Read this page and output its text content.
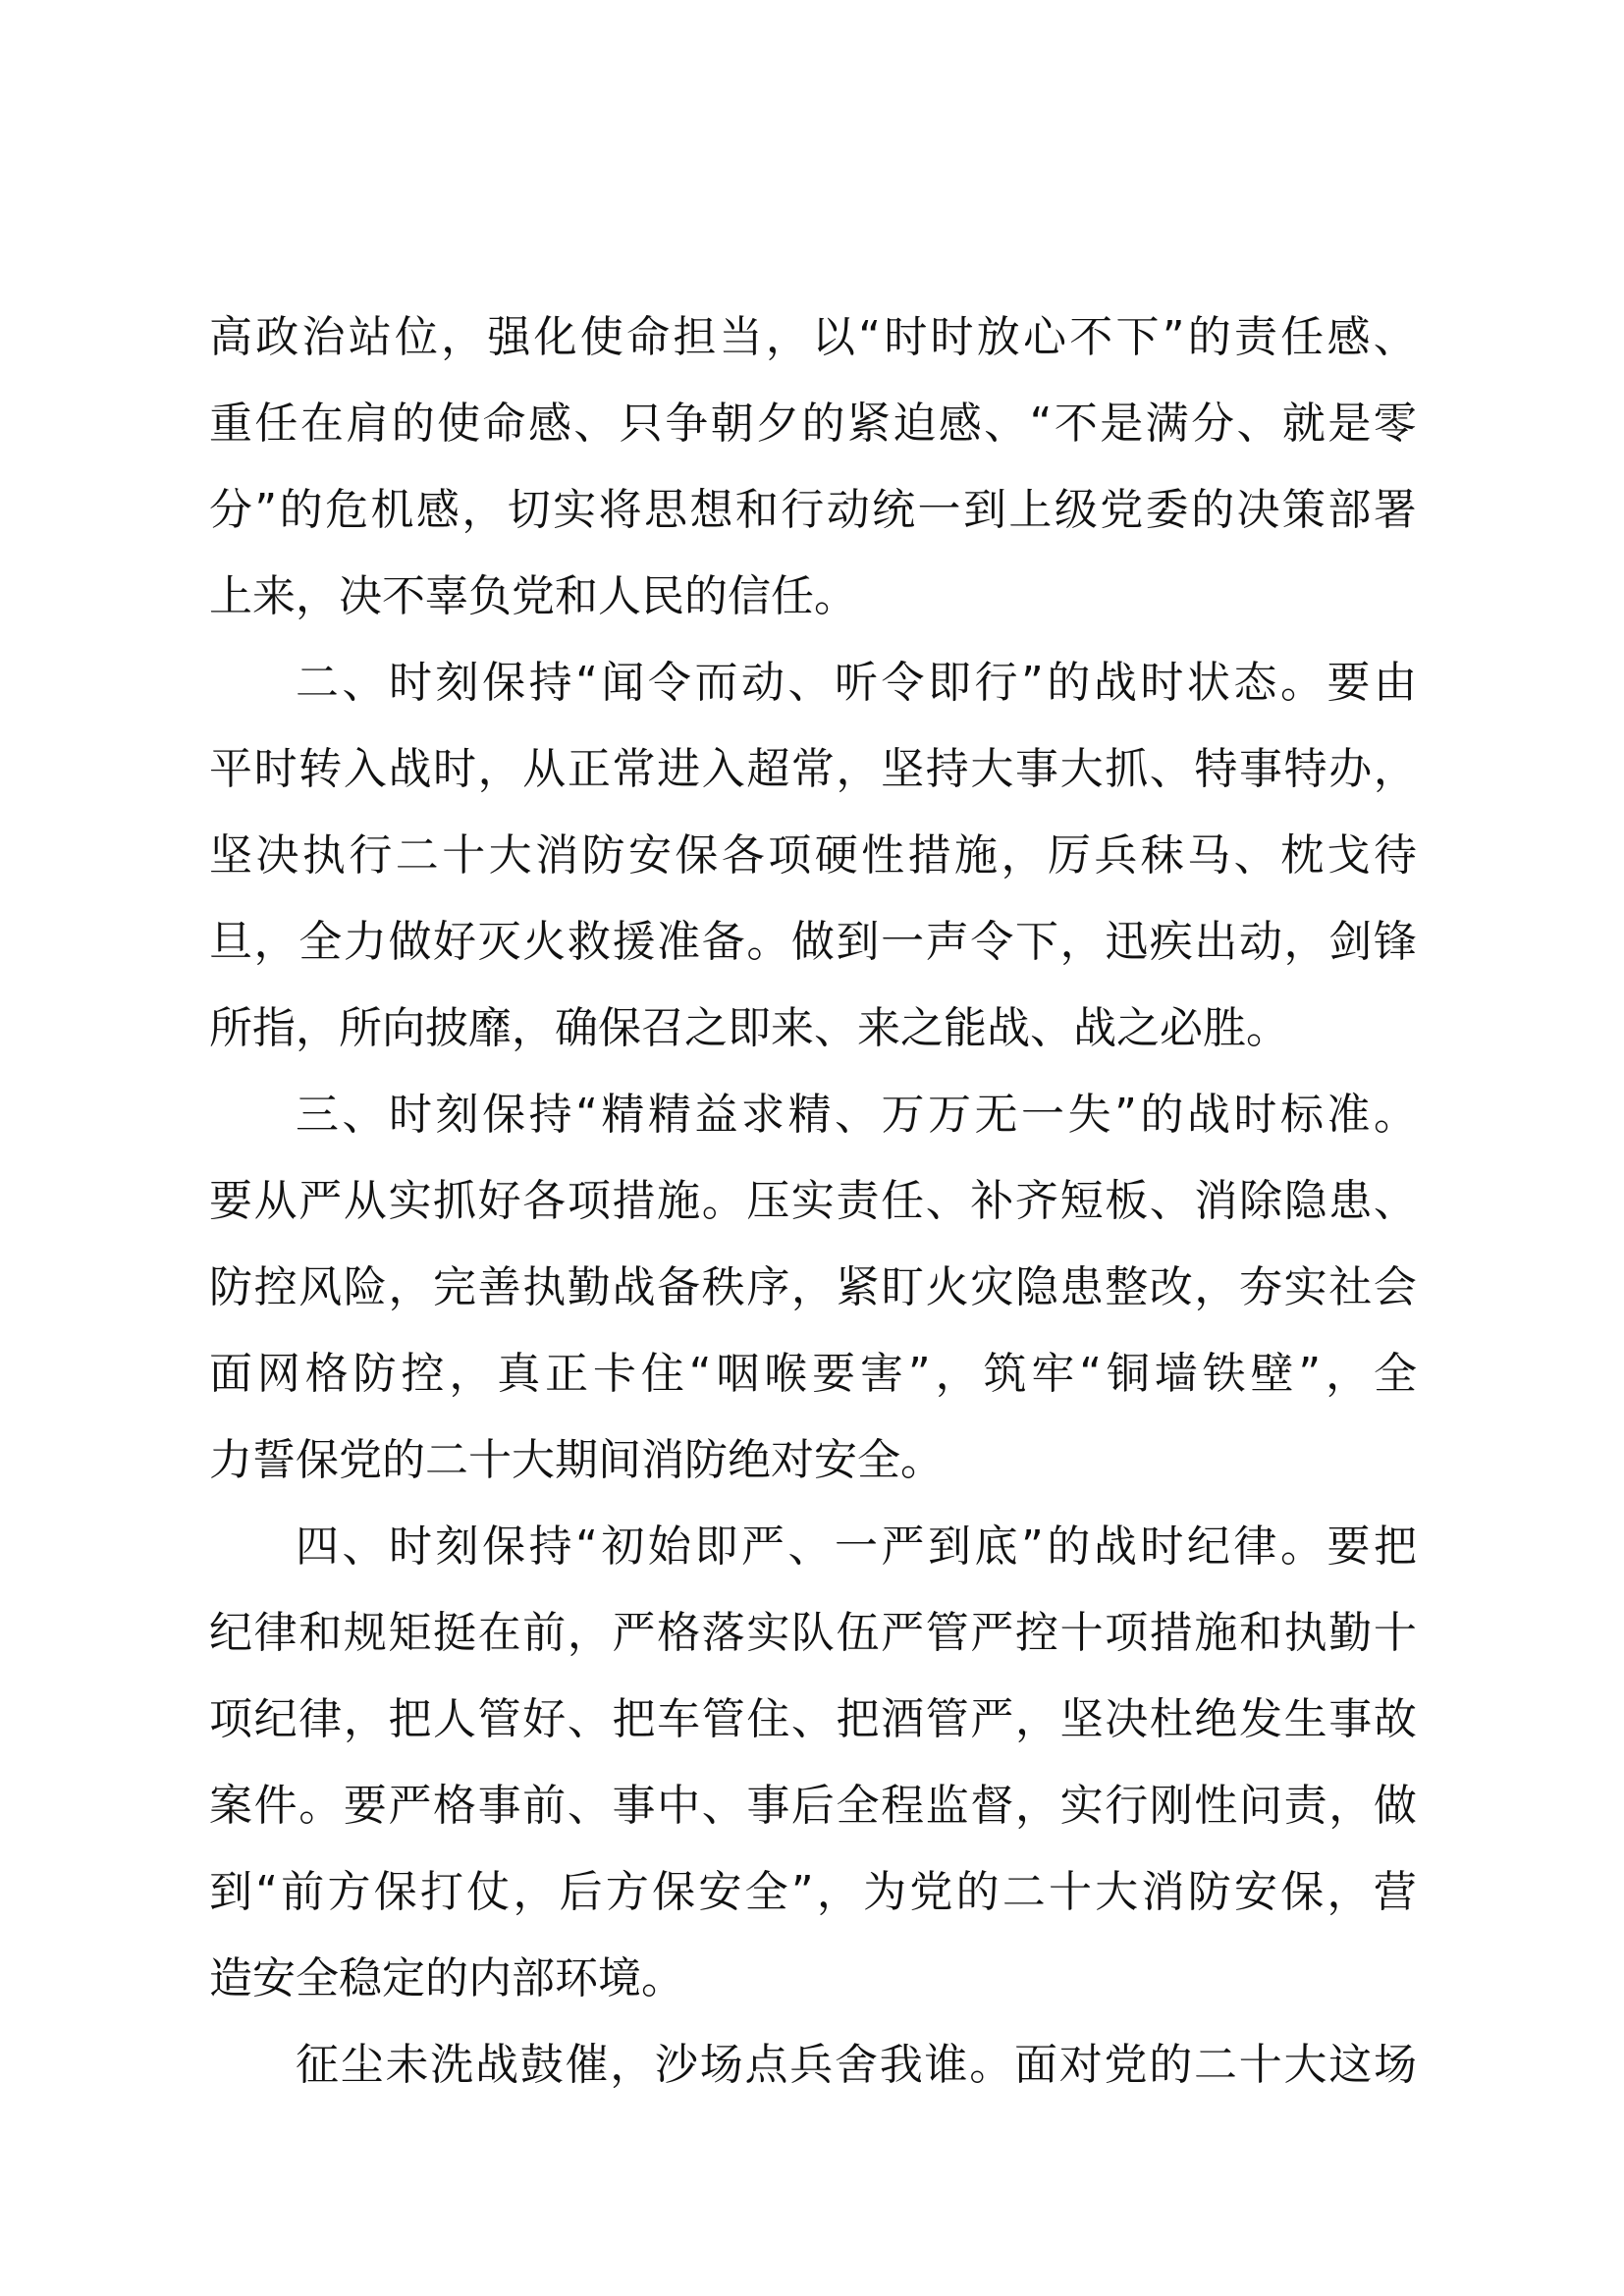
高 政 治 站 位 ， 强 化 使 命 担 当 ， 以 “ 时 时 放 心 不 下 ” 的 责 任 感 、
重 任 在 肩 的 使 命 感 、 只 争 朝 夕 的 紧 迫 感 、 “ 不 是 满 分 、 就 是 零
分 ” 的 危 机 感 ， 切 实 将 思 想 和 行 动 统 一 到 上 级 党 委 的 决 策 部 署
上 来 ， 决 不 辜 负 党 和 人 民 的 信 任 。
二 、 时 刻 保 持 “ 闻 令 而 动 、 听 令 即 行 ” 的 战 时 状 态 。 要 由
平 时 转 入 战 时 ， 从 正 常 进 入 超 常 ， 坚 持 大 事 大 抓 、 特 事 特 办 ，
坚 决 执 行 二 十 大 消 防 安 保 各 项 硬 性 措 施 ， 厉 兵 秣 马 、 枕 戈 待
旦 ， 全 力 做 好 灭 火 救 援 准 备 。 做 到 一 声 令 下 ， 迅 疾 出 动 ， 剑 锋
所 指 ， 所 向 披 靡 ， 确 保 召 之 即 来 、 来 之 能 战 、 战 之 必 胜 。
三 、 时 刻 保 持 “ 精 精 益 求 精 、 万 万 无 一 失 ” 的 战 时 标 准 。
要 从 严 从 实 抓 好 各 项 措 施 。 压 实 责 任 、 补 齐 短 板 、 消 除 隐 患 、
防 控 风 险 ， 完 善 执 勤 战 备 秩 序 ， 紧 盯 火 灾 隐 患 整 改 ， 夯 实 社 会
面 网 格 防 控 ， 真 正 卡 住 “ 咽 喉 要 害 ” ， 筑 牢 “ 铜 墙 铁 壁 ” ， 全
力 誓 保 党 的 二 十 大 期 间 消 防 绝 对 安 全 。
四 、 时 刻 保 持 “ 初 始 即 严 、 一 严 到 底 ” 的 战 时 纪 律 。 要 把
纪 律 和 规 矩 挺 在 前 ， 严 格 落 实 队 伍 严 管 严 控 十 项 措 施 和 执 勤 十
项 纪 律 ， 把 人 管 好 、 把 车 管 住 、 把 酒 管 严 ， 坚 决 杜 绝 发 生 事 故
案 件 。 要 严 格 事 前 、 事 中 、 事 后 全 程 监 督 ， 实 行 刚 性 问 责 ， 做
到 “ 前 方 保 打 仗 ， 后 方 保 安 全 ” ， 为 党 的 二 十 大 消 防 安 保 ， 营
造 安 全 稳 定 的 内 部 环 境 。
征 尘 未 洗 战 鼓 催 ， 沙 场 点 兵 舍 我 谁 。 面 对 党 的 二 十 大 这 场
